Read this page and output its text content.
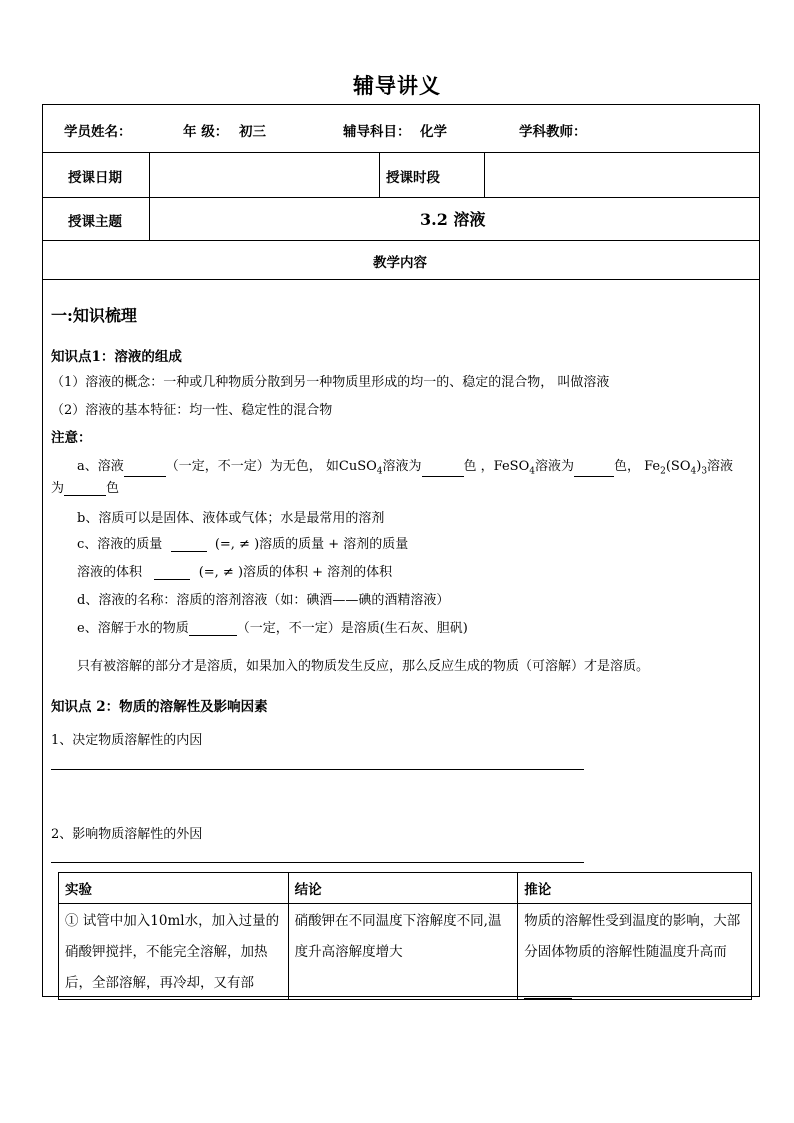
辅导讲义
学员姓名：	年 级： 初三	辅导科目： 化学	学科教师：
授课日期	授课时段
授课主题	3.2 溶液
教学内容
一:知识梳理
知识点1：溶液的组成

（1）溶液的概念：一种或几种物质分散到另一种物质里形成的均一的、稳定的混合物， 叫做溶液

（2）溶液的基本特征：均一性、稳定性的混合物

注意：

a、溶液	（一定，不一定）为无色， 如CuSO$_4$溶液为	色 ，FeSO$_4$溶液为	色， $Fe_2(SO_4)_3$溶液

为	色

b、溶质可以是固体、液体或气体；水是最常用的溶剂

c、溶液的质量	(=, ≠ )溶质的质量 + 溶剂的质量

溶液的体积	(=, ≠ )溶质的体积 + 溶剂的体积

d、溶液的名称：溶质的溶剂溶液（如：碘酒——碘的酒精溶液）

e、溶解于水的物质	（一定，不一定）是溶质(生石灰、胆矾)

只有被溶解的部分才是溶质，如果加入的物质发生反应，那么反应生成的物质（可溶解）才是溶质。

知识点 2：物质的溶解性及影响因素

1、决定物质溶解性的内因

2、影响物质溶解性的外因

实验	结论	推论
① 试管中加入10ml水，加入过量的硝酸钾搅拌，不能完全溶解，加热后，全部溶解，再冷却，又有部	硝酸钾在不同温度下溶解度不同,温度升高溶解度增大	物质的溶解性受到温度的影响，大部分固体物质的溶解性随温度升高而
